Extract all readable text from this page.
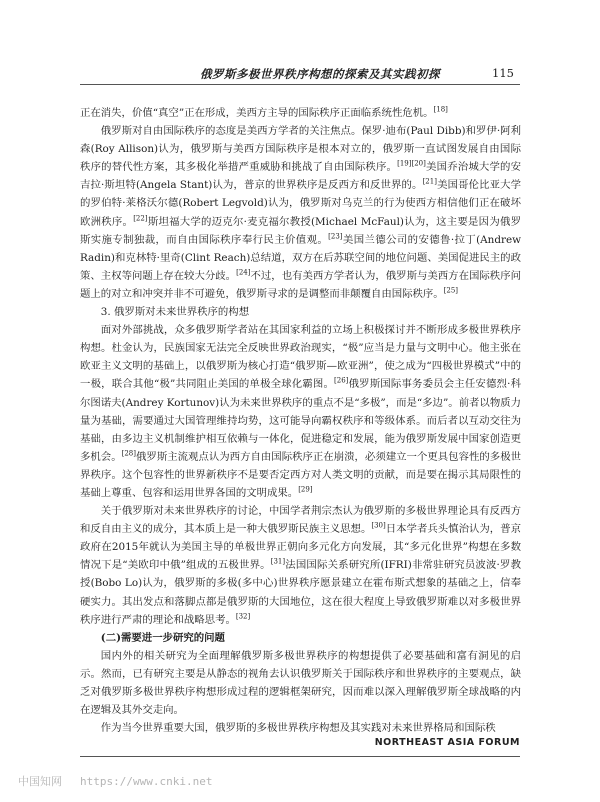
俄罗斯多极世界秩序构想的探索及其实践初探	115

正在消失，价值“真空”正在形成，美西方主导的国际秩序正面临系统性危机。[18]

俄罗斯对自由国际秩序的态度是美西方学者的关注焦点。保罗·迪布(Paul Dibb)和罗伊·阿利森(Roy Allison)认为，俄罗斯与美西方国际秩序是根本对立的，俄罗斯一直试图发展自由国际秩序的替代性方案，其多极化举措严重威胁和挑战了自由国际秩序。[19][20]美国乔治城大学的安吉拉·斯坦特(Angela Stant)认为，普京的世界秩序是反西方和反世界的。[21]美国哥伦比亚大学的罗伯特·莱格沃尔德(Robert Legvold)认为，俄罗斯对乌克兰的行为使西方相信他们正在破坏欧洲秩序。[22]斯坦福大学的迈克尔·麦克福尔教授(Michael McFaul)认为，这主要是因为俄罗斯实施专制独裁，而自由国际秩序奉行民主价值观。[23]美国兰德公司的安德鲁·拉丁(Andrew Radin)和克林特·里奇(Clint Reach)总结道，双方在后苏联空间的地位问题、美国促进民主的政策、主权等问题上存在较大分歧。[24]不过，也有美西方学者认为，俄罗斯与美西方在国际秩序问题上的对立和冲突并非不可避免，俄罗斯寻求的是调整而非颠覆自由国际秩序。[25]

3. 俄罗斯对未来世界秩序的构想

面对外部挑战，众多俄罗斯学者站在其国家利益的立场上积极探讨并不断形成多极世界秩序构想。杜金认为，民族国家无法完全反映世界政治现实，“极”应当是力量与文明中心。他主张在欧亚主义文明的基础上，以俄罗斯为核心打造“俄罗斯—欧亚洲”，使之成为“四极世界模式”中的一极，联合其他“极”共同阻止美国的单极全球化霸图。[26]俄罗斯国际事务委员会主任安德烈·科尔图诺夫(Andrey Kortunov)认为未来世界秩序的重点不是“多极”，而是“多边”。前者以物质力量为基础，需要通过大国管理维持均势，这可能导向霸权秩序和等级体系。而后者以互动交往为基础，由多边主义机制维护相互依赖与一体化，促进稳定和发展，能为俄罗斯发展中国家创造更多机会。[28]俄罗斯主流观点认为西方自由国际秩序正在崩溃，必须建立一个更具包容性的多极世界秩序。这个包容性的世界新秩序不是要否定西方对人类文明的贡献，而是要在揭示其局限性的基础上尊重、包容和运用世界各国的文明成果。[29]

关于俄罗斯对未来世界秩序的讨论，中国学者荆宗杰认为俄罗斯的多极世界理论具有反西方和反自由主义的成分，其本质上是一种大俄罗斯民族主义思想。[30]日本学者兵头慎治认为，普京政府在2015年就认为美国主导的单极世界正朝向多元化方向发展，其“多元化世界”构想在多数情况下是“美欧印中俄”组成的五极世界。[31]法国国际关系研究所(IFRI)非常驻研究员波波·罗教授(Bobo Lo)认为，俄罗斯的多极(多中心)世界秩序愿景建立在霍布斯式想象的基础之上，信奉硬实力。其出发点和落脚点都是俄罗斯的大国地位，这在很大程度上导致俄罗斯难以对多极世界秩序进行严肃的理论和战略思考。[32]

(二)需要进一步研究的问题

国内外的相关研究为全面理解俄罗斯多极世界秩序的构想提供了必要基础和富有洞见的启示。然而，已有研究主要是从静态的视角去认识俄罗斯关于国际秩序和世界秩序的主要观点，缺乏对俄罗斯多极世界秩序构想形成过程的逻辑框架研究，因而难以深入理解俄罗斯全球战略的内在逻辑及其外交走向。

作为当今世界重要大国，俄罗斯的多极世界秩序构想及其实践对未来世界格局和国际秩

NORTHEAST ASIA FORUM
中国知网 https://www.cnki.net
